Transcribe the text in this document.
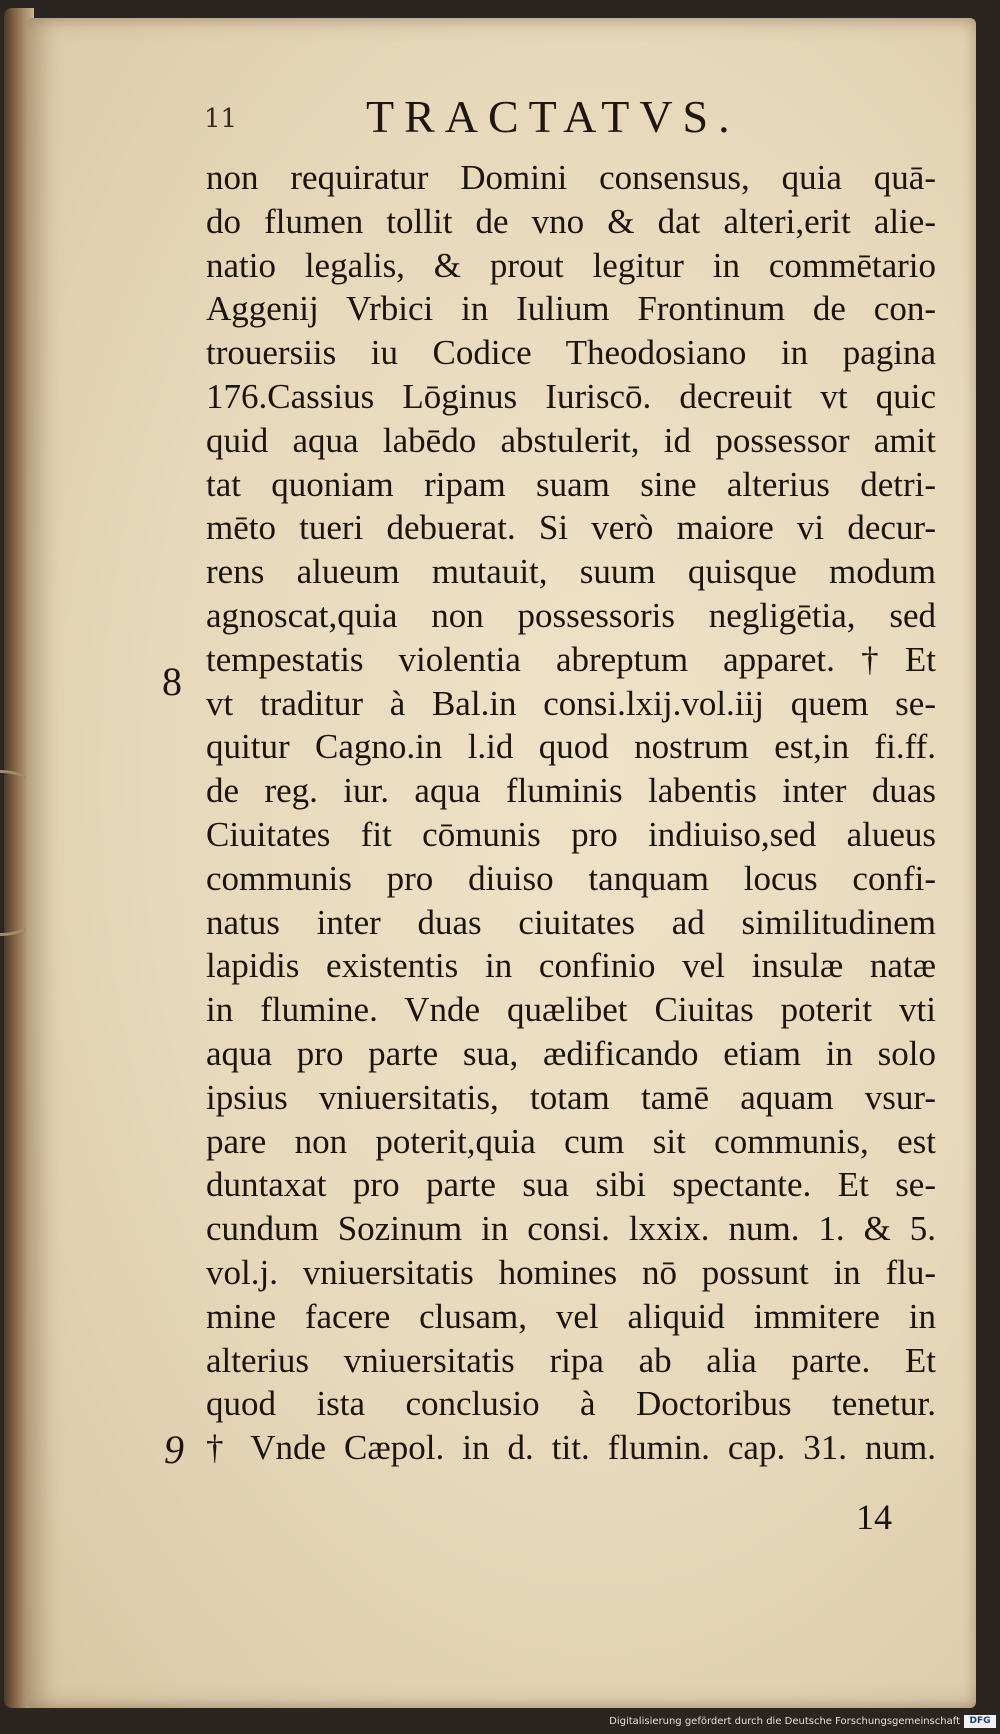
11	TRACTATVS.
8
9
non requiratur Domini consensus, quia quā-
do flumen tollit de vno & dat alteri,erit alie-
natio legalis, & prout legitur in commētario
Aggenij Vrbici in Iulium Frontinum de con-
trouersiis iu Codice Theodosiano in pagina
176.Cassius Lōginus Iuriscō. decreuit vt quic
quid aqua labēdo abstulerit, id possessor amit
tat quoniam ripam suam sine alterius detri-
mēto tueri debuerat. Si verò maiore vi decur-
rens alueum mutauit, suum quisque modum
agnoscat,quia non possessoris negligētia, sed
tempestatis violentia abreptum apparet.†Et
vt traditur à Bal.in consi.lxij.vol.iij quem se-
quitur Cagno.in l.id quod nostrum est,in fi.ff.
de reg. iur. aqua fluminis labentis inter duas
Ciuitates fit cōmunis pro indiuiso,sed alueus
communis pro diuiso tanquam locus confi-
natus inter duas ciuitates ad similitudinem
lapidis existentis in confinio vel insulæ natæ
in flumine. Vnde quælibet Ciuitas poterit vti
aqua pro parte sua, ædificando etiam in solo
ipsius vniuersitatis, totam tamē aquam vsur-
pare non poterit,quia cum sit communis, est
duntaxat pro parte sua sibi spectante. Et se-
cundum Sozinum in consi. lxxix. num. 1. & 5.
vol.j. vniuersitatis homines nō possunt in flu-
mine facere clusam, vel aliquid immitere in
alterius vniuersitatis ripa ab alia parte. Et
quod ista conclusio à Doctoribus tenetur.
† Vnde Cæpol. in d. tit. flumin. cap. 31. num.
14
Digitalisierung gefördert durch die Deutsche Forschungsgemeinschaft	DFG
